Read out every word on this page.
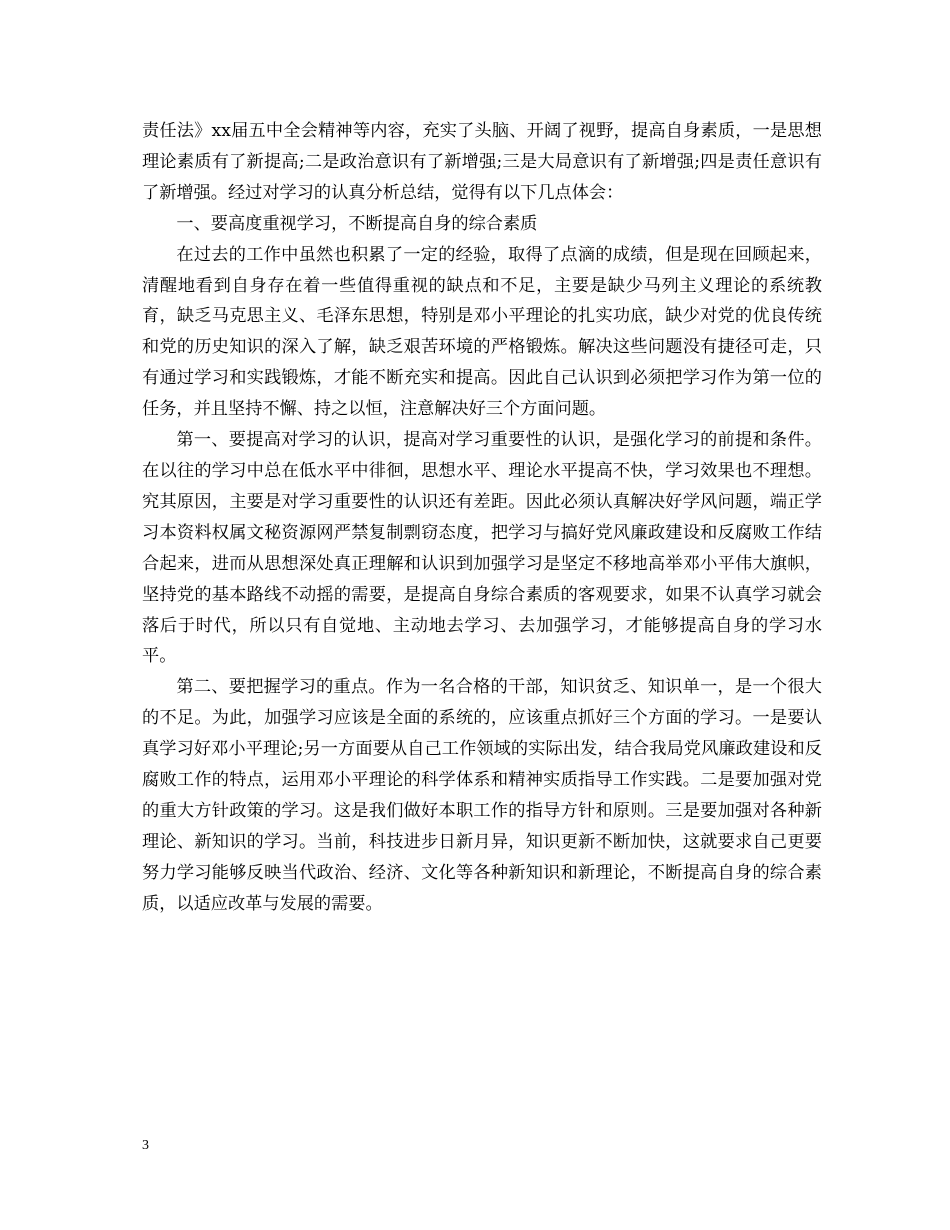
责任法》xx届五中全会精神等内容，充实了头脑、开阔了视野，提高自身素质，一是思想理论素质有了新提高;二是政治意识有了新增强;三是大局意识有了新增强;四是责任意识有了新增强。经过对学习的认真分析总结，觉得有以下几点体会：

一、要高度重视学习，不断提高自身的综合素质

在过去的工作中虽然也积累了一定的经验，取得了点滴的成绩，但是现在回顾起来，清醒地看到自身存在着一些值得重视的缺点和不足，主要是缺少马列主义理论的系统教育，缺乏马克思主义、毛泽东思想，特别是邓小平理论的扎实功底，缺少对党的优良传统和党的历史知识的深入了解，缺乏艰苦环境的严格锻炼。解决这些问题没有捷径可走，只有通过学习和实践锻炼，才能不断充实和提高。因此自己认识到必须把学习作为第一位的任务，并且坚持不懈、持之以恒，注意解决好三个方面问题。

第一、要提高对学习的认识，提高对学习重要性的认识，是强化学习的前提和条件。在以往的学习中总在低水平中徘徊，思想水平、理论水平提高不快，学习效果也不理想。究其原因，主要是对学习重要性的认识还有差距。因此必须认真解决好学风问题，端正学习本资料权属文秘资源网严禁复制剽窃态度，把学习与搞好党风廉政建设和反腐败工作结合起来，进而从思想深处真正理解和认识到加强学习是坚定不移地高举邓小平伟大旗帜，坚持党的基本路线不动摇的需要，是提高自身综合素质的客观要求，如果不认真学习就会落后于时代，所以只有自觉地、主动地去学习、去加强学习，才能够提高自身的学习水平。

第二、要把握学习的重点。作为一名合格的干部，知识贫乏、知识单一，是一个很大的不足。为此，加强学习应该是全面的系统的，应该重点抓好三个方面的学习。一是要认真学习好邓小平理论;另一方面要从自己工作领域的实际出发，结合我局党风廉政建设和反腐败工作的特点，运用邓小平理论的科学体系和精神实质指导工作实践。二是要加强对党的重大方针政策的学习。这是我们做好本职工作的指导方针和原则。三是要加强对各种新理论、新知识的学习。当前，科技进步日新月异，知识更新不断加快，这就要求自己更要努力学习能够反映当代政治、经济、文化等各种新知识和新理论，不断提高自身的综合素质，以适应改革与发展的需要。

3
